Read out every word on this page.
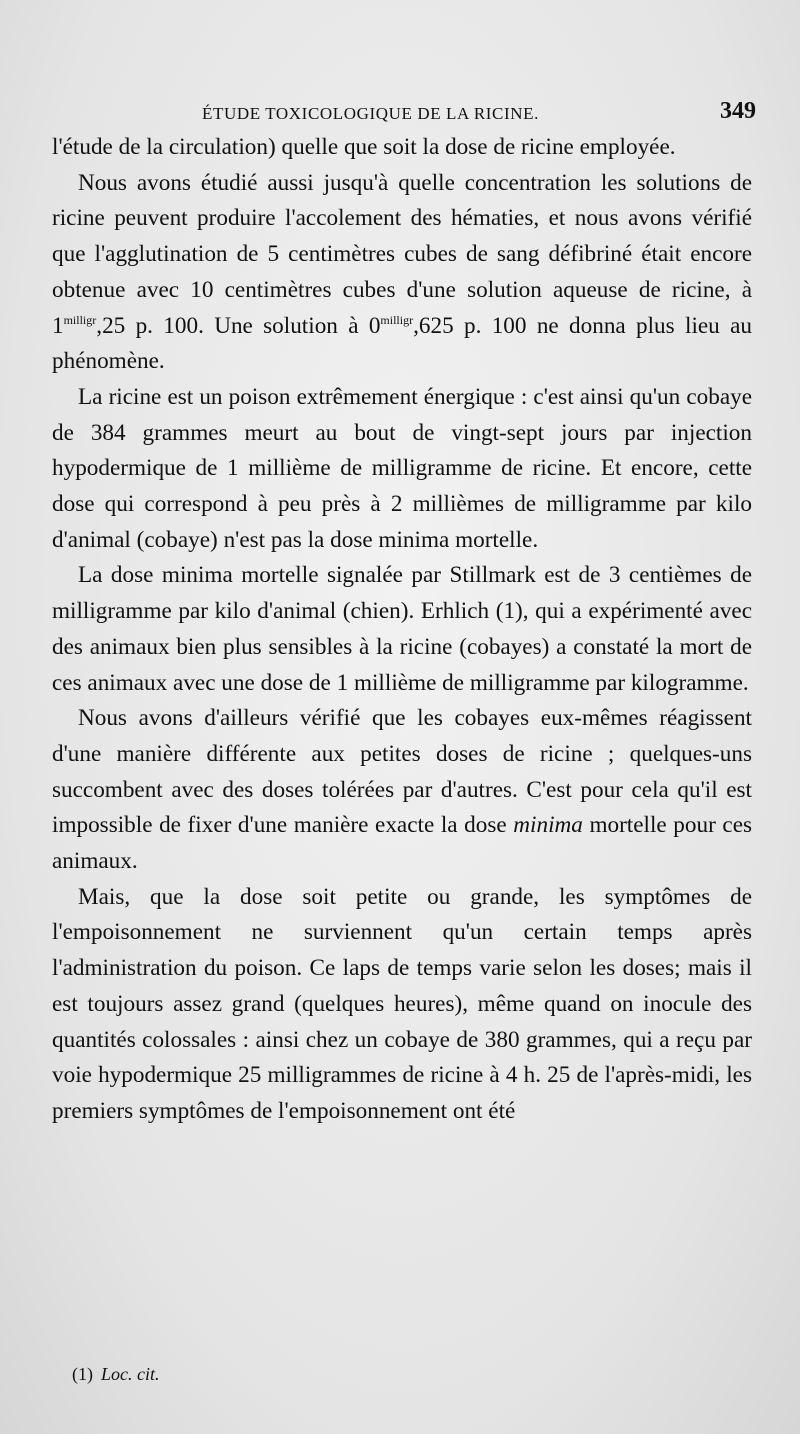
ÉTUDE TOXICOLOGIQUE DE LA RICINE.	349

l'étude de la circulation) quelle que soit la dose de ricine employée.

Nous avons étudié aussi jusqu'à quelle concentration les solutions de ricine peuvent produire l'accolement des hématies, et nous avons vérifié que l'agglutination de 5 centimètres cubes de sang défibriné était encore obtenue avec 10 centimètres cubes d'une solution aqueuse de ricine, à $1^{milligr},25$ p. 100. Une solution à $0^{milligr},625$ p. 100 ne donna plus lieu au phénomène.

La ricine est un poison extrêmement énergique : c'est ainsi qu'un cobaye de 384 grammes meurt au bout de vingt-sept jours par injection hypodermique de 1 millième de milligramme de ricine. Et encore, cette dose qui correspond à peu près à 2 millièmes de milligramme par kilo d'animal (cobaye) n'est pas la dose minima mortelle.

La dose minima mortelle signalée par Stillmark est de 3 centièmes de milligramme par kilo d'animal (chien). Erhlich (1), qui a expérimenté avec des animaux bien plus sensibles à la ricine (cobayes) a constaté la mort de ces animaux avec une dose de 1 millième de milligramme par kilogramme.

Nous avons d'ailleurs vérifié que les cobayes eux-mêmes réagissent d'une manière différente aux petites doses de ricine ; quelques-uns succombent avec des doses tolérées par d'autres. C'est pour cela qu'il est impossible de fixer d'une manière exacte la dose minima mortelle pour ces animaux.

Mais, que la dose soit petite ou grande, les symptômes de l'empoisonnement ne surviennent qu'un certain temps après l'administration du poison. Ce laps de temps varie selon les doses; mais il est toujours assez grand (quelques heures), même quand on inocule des quantités colossales : ainsi chez un cobaye de 380 grammes, qui a reçu par voie hypodermique 25 milligrammes de ricine à 4 h. 25 de l'après-midi, les premiers symptômes de l'empoisonnement ont été

(1) Loc. cit.
